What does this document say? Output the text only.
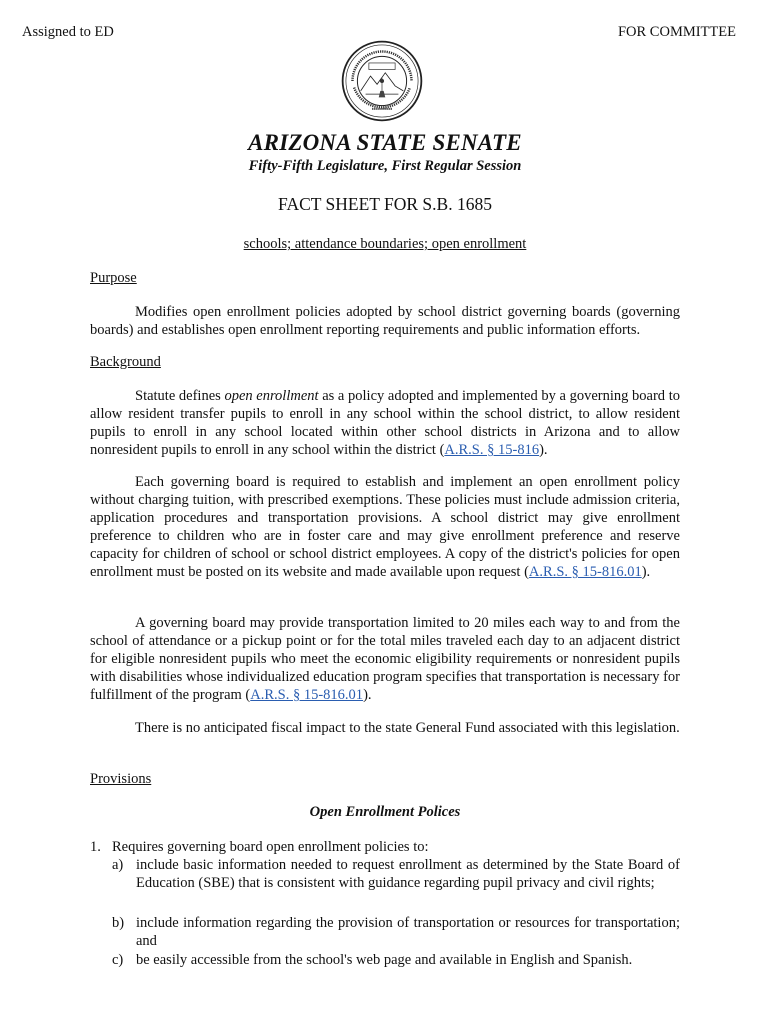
Assigned to ED	FOR COMMITTEE
ARIZONA STATE SENATE
Fifty-Fifth Legislature, First Regular Session
FACT SHEET FOR S.B. 1685
schools; attendance boundaries; open enrollment
Purpose
Modifies open enrollment policies adopted by school district governing boards (governing boards) and establishes open enrollment reporting requirements and public information efforts.
Background
Statute defines open enrollment as a policy adopted and implemented by a governing board to allow resident transfer pupils to enroll in any school within the school district, to allow resident pupils to enroll in any school located within other school districts in Arizona and to allow nonresident pupils to enroll in any school within the district (A.R.S. § 15-816).
Each governing board is required to establish and implement an open enrollment policy without charging tuition, with prescribed exemptions. These policies must include admission criteria, application procedures and transportation provisions. A school district may give enrollment preference to children who are in foster care and may give enrollment preference and reserve capacity for children of school or school district employees. A copy of the district's policies for open enrollment must be posted on its website and made available upon request (A.R.S. § 15-816.01).
A governing board may provide transportation limited to 20 miles each way to and from the school of attendance or a pickup point or for the total miles traveled each day to an adjacent district for eligible nonresident pupils who meet the economic eligibility requirements or nonresident pupils with disabilities whose individualized education program specifies that transportation is necessary for fulfillment of the program (A.R.S. § 15-816.01).
There is no anticipated fiscal impact to the state General Fund associated with this legislation.
Provisions
Open Enrollment Polices
1. Requires governing board open enrollment policies to:
a) include basic information needed to request enrollment as determined by the State Board of Education (SBE) that is consistent with guidance regarding pupil privacy and civil rights;
b) include information regarding the provision of transportation or resources for transportation; and
c) be easily accessible from the school's web page and available in English and Spanish.
